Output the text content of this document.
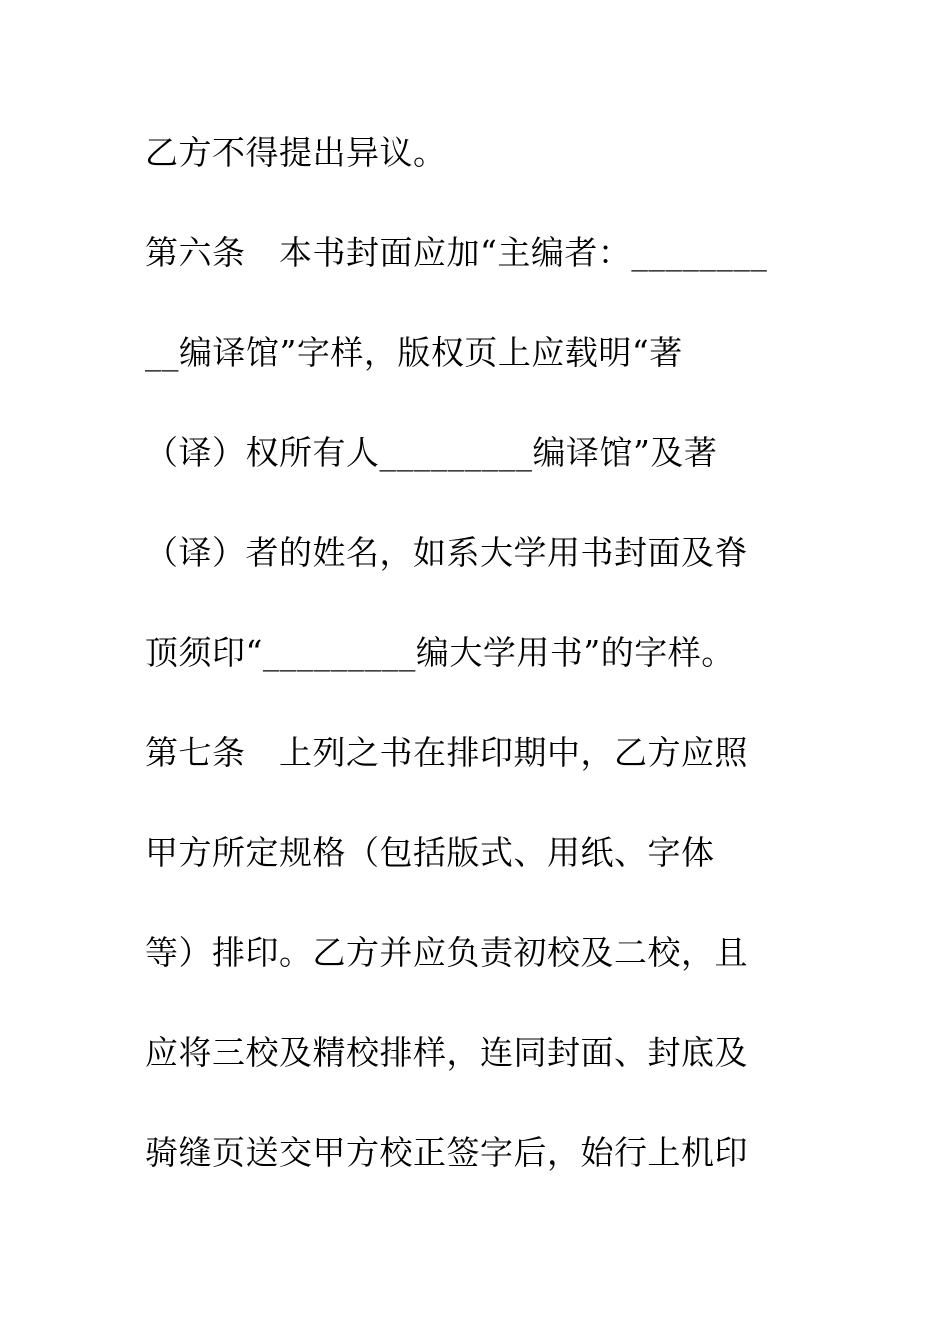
乙方不得提出异议。
第六条　本书封面应加“主编者：________
__编译馆”字样，版权页上应载明“著
（译）权所有人_________编译馆”及著
（译）者的姓名，如系大学用书封面及脊
顶须印“_________编大学用书”的字样。
第七条　上列之书在排印期中，乙方应照
甲方所定规格（包括版式、用纸、字体
等）排印。乙方并应负责初校及二校，且
应将三校及精校排样，连同封面、封底及
骑缝页送交甲方校正签字后，始行上机印
